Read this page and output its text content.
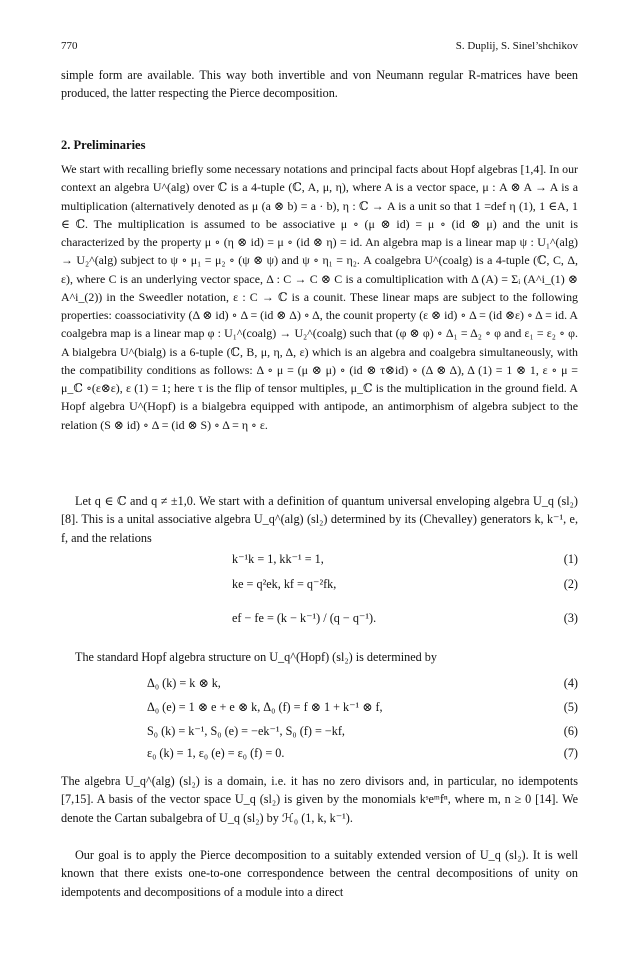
770	S. Duplij, S. Sinel’shchikov

simple form are available. This way both invertible and von Neumann regular R-matrices have been produced, the latter respecting the Pierce decomposition.

2. Preliminaries

We start with recalling briefly some necessary notations and principal facts about Hopf algebras [1,4]. In our context an algebra U^(alg) over ℂ is a 4-tuple (ℂ, A, μ, η), where A is a vector space, μ : A ⊗ A → A is a multiplication (alternatively denoted as μ (a ⊗ b) = a · b), η : ℂ → A is a unit so that 1 =def η (1), 1 ∈A, 1 ∈ ℂ. The multiplication is assumed to be associative μ ∘ (μ ⊗ id) = μ ∘ (id ⊗ μ) and the unit is characterized by the property μ ∘ (η ⊗ id) = μ ∘ (id ⊗ η) = id. An algebra map is a linear map ψ : U₁^(alg) → U₂^(alg) subject to ψ ∘ μ₁ = μ₂ ∘ (ψ ⊗ ψ) and ψ ∘ η₁ = η₂. A coalgebra U^(coalg) is a 4-tuple (ℂ, C, Δ, ε), where C is an underlying vector space, Δ : C → C ⊗ C is a comultiplication with Δ (A) = Σᵢ (A^i_(1) ⊗ A^i_(2)) in the Sweedler notation, ε : C → ℂ is a counit. These linear maps are subject to the following properties: coassociativity (Δ ⊗ id) ∘ Δ = (id ⊗ Δ) ∘ Δ, the counit property (ε ⊗ id) ∘ Δ = (id ⊗ε) ∘ Δ = id. A coalgebra map is a linear map φ : U₁^(coalg) → U₂^(coalg) such that (φ ⊗ φ) ∘ Δ₁ = Δ₂ ∘ φ and ε₁ = ε₂ ∘ φ. A bialgebra U^(bialg) is a 6-tuple (ℂ, B, μ, η, Δ, ε) which is an algebra and coalgebra simultaneously, with the compatibility conditions as follows: Δ ∘ μ = (μ ⊗ μ) ∘ (id ⊗ τ⊗id) ∘ (Δ ⊗ Δ), Δ (1) = 1 ⊗ 1, ε ∘ μ = μ_ℂ ∘(ε⊗ε), ε (1) = 1; here τ is the flip of tensor multiples, μ_ℂ is the multiplication in the ground field. A Hopf algebra U^(Hopf) is a bialgebra equipped with antipode, an antimorphism of algebra subject to the relation (S ⊗ id) ∘ Δ = (id ⊗ S) ∘ Δ = η ∘ ε.

Let q ∈ ℂ and q ≠ ±1,0. We start with a definition of quantum universal enveloping algebra U_q (sl₂) [8]. This is a unital associative algebra U_q^(alg) (sl₂) determined by its (Chevalley) generators k, k⁻¹, e, f, and the relations

k⁻¹k = 1, kk⁻¹ = 1,	(1)
ke = q²ek, kf = q⁻²fk,	(2)
ef − fe = (k − k⁻¹) / (q − q⁻¹).	(3)

The standard Hopf algebra structure on U_q^(Hopf) (sl₂) is determined by

Δ₀ (k) = k ⊗ k,	(4)
Δ₀ (e) = 1 ⊗ e + e ⊗ k, Δ₀ (f) = f ⊗ 1 + k⁻¹ ⊗ f,	(5)
S₀ (k) = k⁻¹, S₀ (e) = −ek⁻¹, S₀ (f) = −kf,	(6)
ε₀ (k) = 1, ε₀ (e) = ε₀ (f) = 0.	(7)

The algebra U_q^(alg) (sl₂) is a domain, i.e. it has no zero divisors and, in particular, no idempotents [7,15]. A basis of the vector space U_q (sl₂) is given by the monomials kˢeᵐfⁿ, where m, n ≥ 0 [14]. We denote the Cartan subalgebra of U_q (sl₂) by ℋ₀ (1, k, k⁻¹).

Our goal is to apply the Pierce decomposition to a suitably extended version of U_q (sl₂). It is well known that there exists one-to-one correspondence between the central decompositions of unity on idempotents and decompositions of a module into a direct
